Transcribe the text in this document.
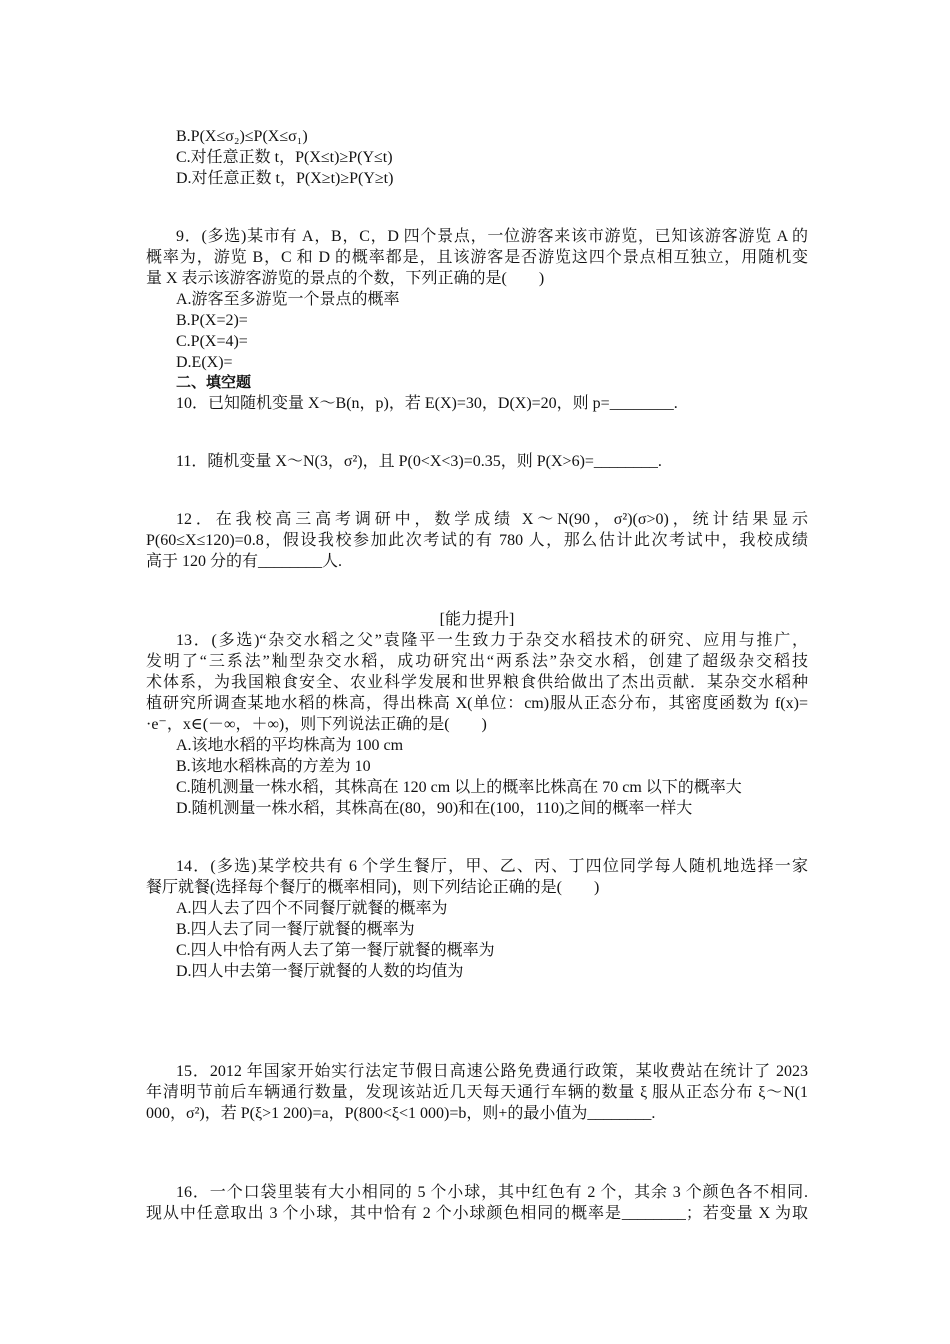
B.P(X≤σ₂)≤P(X≤σ₁)
C.对任意正数 t，P(X≤t)≥P(Y≤t)
D.对任意正数 t，P(X≥t)≥P(Y≥t)
9．(多选)某市有 A，B，C，D 四个景点，一位游客来该市游览，已知该游客游览 A 的
概率为，游览 B，C 和 D 的概率都是，且该游客是否游览这四个景点相互独立，用随机变
量 X 表示该游客游览的景点的个数，下列正确的是(　　)
A.游客至多游览一个景点的概率
B.P(X=2)=
C.P(X=4)=
D.E(X)=
二、填空题
10．已知随机变量 X～B(n，p)，若 E(X)=30，D(X)=20，则 p=________.
11．随机变量 X～N(3，σ²)，且 P(0<X<3)=0.35，则 P(X>6)=________.
12．在我校高三高考调研中，数学成绩 X～N(90，σ²)(σ>0)，统计结果显示
P(60≤X≤120)=0.8，假设我校参加此次考试的有 780 人，那么估计此次考试中，我校成绩
高于 120 分的有________人.
[能力提升]
13．(多选)“杂交水稻之父”袁隆平一生致力于杂交水稻技术的研究、应用与推广，
发明了“三系法”籼型杂交水稻，成功研究出“两系法”杂交水稻，创建了超级杂交稻技
术体系，为我国粮食安全、农业科学发展和世界粮食供给做出了杰出贡献．某杂交水稻种
植研究所调查某地水稻的株高，得出株高 X(单位：cm)服从正态分布，其密度函数为 f(x)=
·e⁻，x∈(－∞，＋∞)，则下列说法正确的是(　　)
A.该地水稻的平均株高为 100 cm
B.该地水稻株高的方差为 10
C.随机测量一株水稻，其株高在 120 cm 以上的概率比株高在 70 cm 以下的概率大
D.随机测量一株水稻，其株高在(80，90)和在(100，110)之间的概率一样大
14．(多选)某学校共有 6 个学生餐厅，甲、乙、丙、丁四位同学每人随机地选择一家
餐厅就餐(选择每个餐厅的概率相同)，则下列结论正确的是(　　)
A.四人去了四个不同餐厅就餐的概率为
B.四人去了同一餐厅就餐的概率为
C.四人中恰有两人去了第一餐厅就餐的概率为
D.四人中去第一餐厅就餐的人数的均值为
15．2012 年国家开始实行法定节假日高速公路免费通行政策，某收费站在统计了 2023
年清明节前后车辆通行数量，发现该站近几天每天通行车辆的数量 ξ 服从正态分布 ξ～N(1
000，σ²)，若 P(ξ>1 200)=a，P(800<ξ<1 000)=b，则+的最小值为________.
16．一个口袋里装有大小相同的 5 个小球，其中红色有 2 个，其余 3 个颜色各不相同.
现从中任意取出 3 个小球，其中恰有 2 个小球颜色相同的概率是________；若变量 X 为取
